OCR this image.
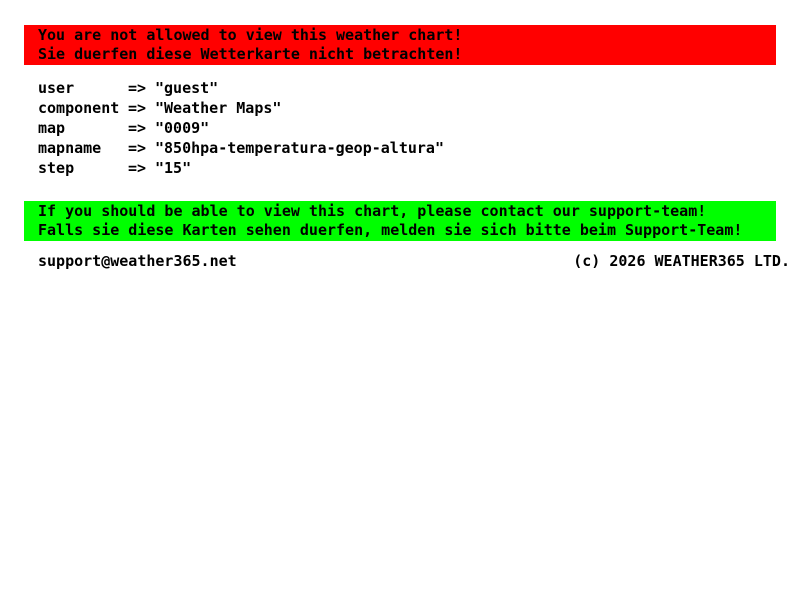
You are not allowed to view this weather chart!
Sie duerfen diese Wetterkarte nicht betrachten!
user	=> "guest"
component => "Weather Maps"
map	=> "0009"
mapname => "850hpa-temperatura-geop-altura"
step	=> "15"
If you should be able to view this chart, please contact our support-team!
Falls sie diese Karten sehen duerfen, melden sie sich bitte beim Support-Team!
support@weather365.net	(c) 2026 WEATHER365 LTD.
